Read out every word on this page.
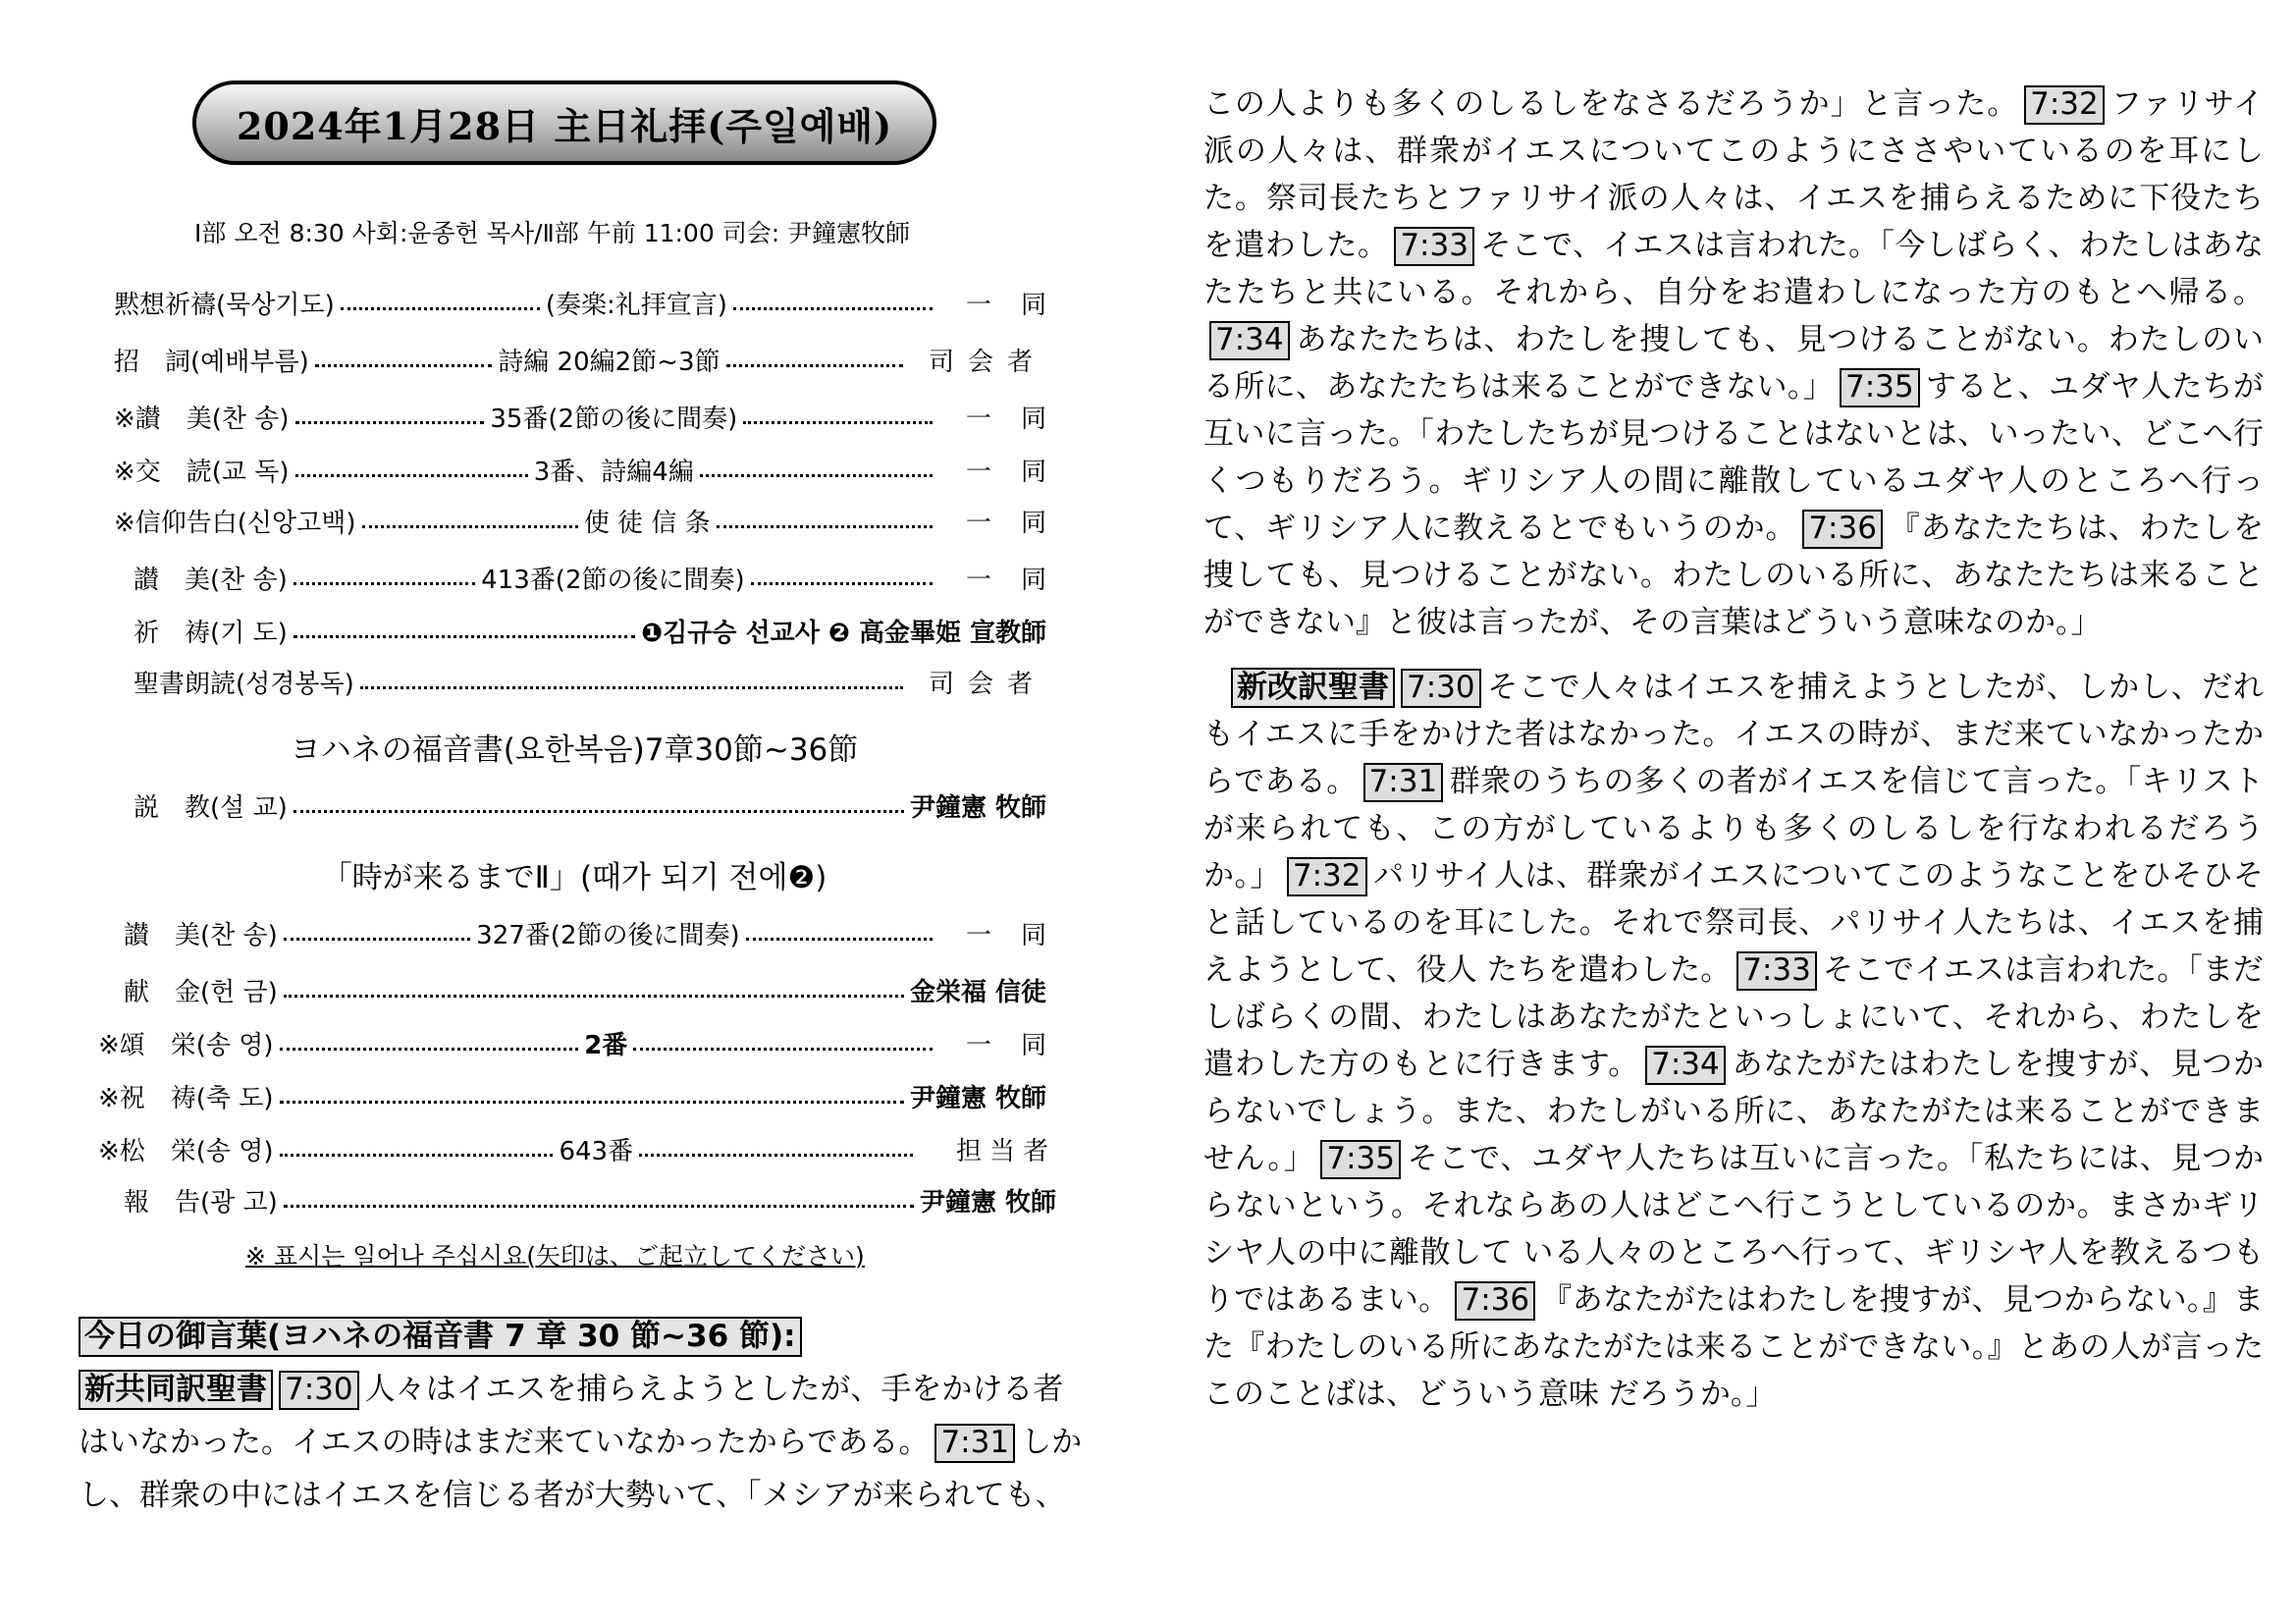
2024年1月28日 主日礼拝(주일예배)
Ⅰ部 오전 8:30 사회:윤종헌 목사/Ⅱ部 午前 11:00 司会: 尹鐘憲牧師
黙想祈禱(묵상기도)	(奏楽:礼拝宣言)	一同
招　詞(예배부름)	詩編 20編2節~3節	司会者
※讃　美(찬 송)	35番(2節の後に間奏)	一同
※交　読(교 독)	3番、詩編4編	一同
※信仰告白(신앙고백)	使 徒 信 条	一同
讃　美(찬 송)	413番(2節の後に間奏)	一同
祈　祷(기 도)	❶김규승 선교사 ❷ 高金畢姫 宣教師
聖書朗読(성경봉독)	司会者
ヨハネの福音書(요한복음)7章30節~36節
説　教(설 교)	尹鐘憲 牧師
「時が来るまでⅡ」(때가 되기 전에❷)
讃　美(찬 송)	327番(2節の後に間奏)	一同
献　金(헌 금)	金栄福 信徒
※頌　栄(송 영)	2番	一同
※祝　祷(축 도)	尹鐘憲 牧師
※松　栄(송 영)	643番	担当者
報　告(광 고)	尹鐘憲 牧師
※ 표시는 일어나 주십시요(矢印は、ご起立してください)

今日の御言葉(ヨハネの福音書 7 章 30 節~36 節):

新共同訳聖書 7:30 人々はイエスを捕らえようとしたが、手をかける者はいなかった。イエスの時はまだ来ていなかったからである。 7:31 しかし、群衆の中にはイエスを信じる者が大勢いて、「メシアが来られても、

この人よりも多くのしるしをなさるだろうか」と言った。 7:32 ファリサイ派の人々は、群衆がイエスについてこのようにささやいているのを耳にした。祭司長たちとファリサイ派の人々は、イエスを捕らえるために下役たちを遣わした。 7:33 そこで、イエスは言われた。「今しばらく、わたしはあなたたちと共にいる。それから、自分をお遣わしになった方のもとへ帰る。7:34 あなたたちは、わたしを捜しても、見つけることがない。わたしのいる所に、あなたたちは来ることができない。」 7:35 すると、ユダヤ人たちが互いに言った。「わたしたちが見つけることはないとは、いったい、どこへ行くつもりだろう。ギリシア人の間に離散しているユダヤ人のところへ行って、ギリシア人に教えるとでもいうのか。 7:36 『あなたたちは、わたしを捜しても、見つけることがない。わたしのいる所に、あなたたちは来ることができない』と彼は言ったが、その言葉はどういう意味なのか。」

新改訳聖書 7:30 そこで人々はイエスを捕えようとしたが、しかし、だれもイエスに手をかけた者はなかった。イエスの時が、まだ来ていなかったからである。 7:31 群衆のうちの多くの者がイエスを信じて言った。「キリストが来られても、この方がしているよりも多くのしるしを行なわれるだろうか。」 7:32 パリサイ人は、群衆がイエスについてこのようなことをひそひそと話しているのを耳にした。それで祭司長、パリサイ人たちは、イエスを捕えようとして、役人 たちを遣わした。 7:33 そこでイエスは言われた。「まだしばらくの間、わたしはあなたがたといっしょにいて、それから、わたしを遣わした方のもとに行きます。 7:34 あなたがたはわたしを捜すが、見つからないでしょう。また、わたしがいる所に、あなたがたは来ることができません。」 7:35 そこで、ユダヤ人たちは互いに言った。「私たちには、見つからないという。それならあの人はどこへ行こうとしているのか。まさかギリシヤ人の中に離散して いる人々のところへ行って、ギリシヤ人を教えるつもりではあるまい。 7:36 『あなたがたはわたしを捜すが、見つからない。』また『わたしのいる所にあなたがたは来ることができない。』とあの人が言ったこのことばは、どういう意味 だろうか。」
